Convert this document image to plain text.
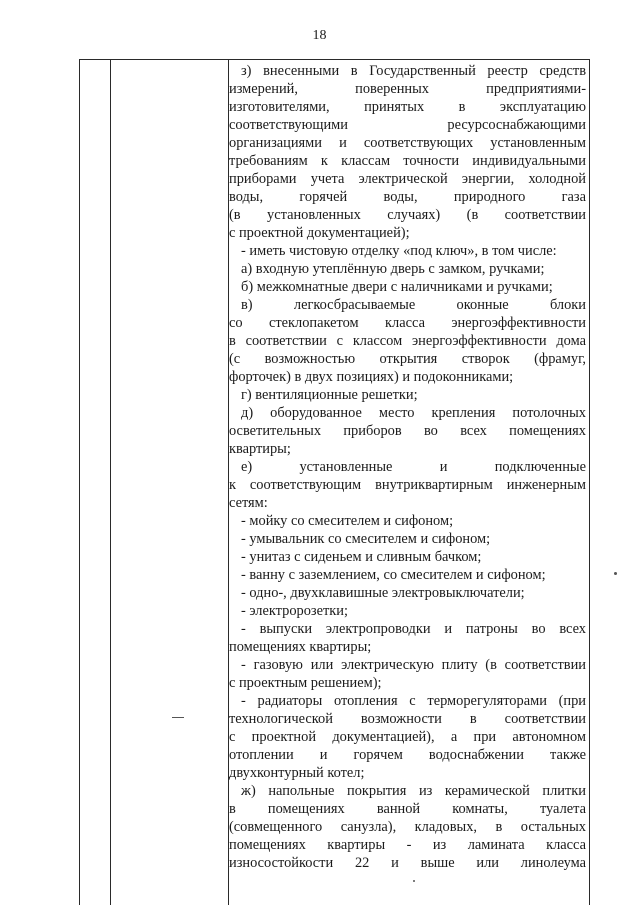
18
з) внесенными в Государственный реестр средств
измерений, поверенных предприятиями-
изготовителями, принятых в эксплуатацию
соответствующими ресурсоснабжающими
организациями и соответствующих установленным
требованиям к классам точности индивидуальными
приборами учета электрической энергии, холодной
воды, горячей воды, природного газа
(в установленных случаях) (в соответствии
с проектной документацией);
- иметь чистовую отделку «под ключ», в том числе:
а) входную утеплённую дверь с замком, ручками;
б) межкомнатные двери с наличниками и ручками;
в) легкосбрасываемые оконные блоки
со стеклопакетом класса энергоэффективности
в соответствии с классом энергоэффективности дома
(с возможностью открытия створок (фрамуг,
форточек) в двух позициях) и подоконниками;
г) вентиляционные решетки;
д) оборудованное место крепления потолочных
осветительных приборов во всех помещениях
квартиры;
е) установленные и подключенные
к соответствующим внутриквартирным инженерным
сетям:
- мойку со смесителем и сифоном;
- умывальник со смесителем и сифоном;
- унитаз с сиденьем и сливным бачком;
- ванну с заземлением, со смесителем и сифоном;
- одно-, двухклавишные электровыключатели;
- электророзетки;
- выпуски электропроводки и патроны во всех
помещениях квартиры;
- газовую или электрическую плиту (в соответствии
с проектным решением);
- радиаторы отопления с терморегуляторами (при
технологической возможности в соответствии
с проектной документацией), а при автономном
отоплении и горячем водоснабжении также
двухконтурный котел;
ж) напольные покрытия из керамической плитки
в помещениях ванной комнаты, туалета
(совмещенного санузла), кладовых, в остальных
помещениях квартиры - из ламината класса
износостойкости 22 и выше или линолеума
